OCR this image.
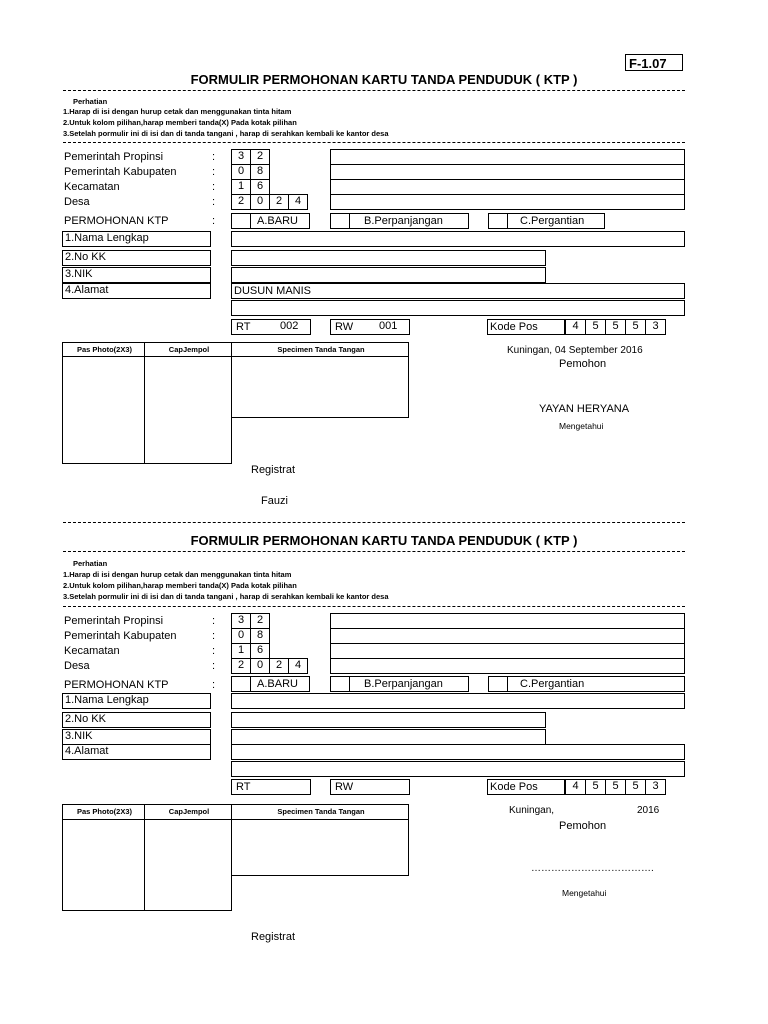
F-1.07
FORMULIR PERMOHONAN KARTU TANDA PENDUDUK ( KTP )
Perhatian
1.Harap di isi dengan hurup cetak dan menggunakan tinta hitam
2.Untuk kolom pilihan,harap memberi tanda(X) Pada kotak pilihan
3.Setelah pormulir ini di isi dan di tanda tangani , harap di serahkan kembali ke kantor desa
Pemerintah Propinsi	:	3	2
Pemerintah Kabupaten	:	0	8
Kecamatan	:	1	6
Desa	:	2	0	2	4
PERMOHONAN KTP	:	A.BARU	B.Perpanjangan	C.Pergantian
1.Nama Lengkap
2.No KK
3.NIK
4.Alamat	DUSUN MANIS
RT	002	RW 001	Kode Pos	4	5	5	5	3
Pas Photo(2X3)	CapJempol	Specimen Tanda Tangan	Kuningan, 04 September 2016
Pemohon
YAYAN HERYANA
Mengetahui
Registrat
Fauzi
FORMULIR PERMOHONAN KARTU TANDA PENDUDUK ( KTP )
Perhatian
1.Harap di isi dengan hurup cetak dan menggunakan tinta hitam
2.Untuk kolom pilihan,harap memberi tanda(X) Pada kotak pilihan
3.Setelah pormulir ini di isi dan di tanda tangani , harap di serahkan kembali ke kantor desa
Pemerintah Propinsi	:	3	2
Pemerintah Kabupaten	:	0	8
Kecamatan	:	1	6
Desa	:	2	0	2	4
PERMOHONAN KTP	:	A.BARU	B.Perpanjangan	C.Pergantian
1.Nama Lengkap
2.No KK
3.NIK
4.Alamat
RT	RW	Kode Pos	4	5	5	5	3
Pas Photo(2X3)	CapJempol	Specimen Tanda Tangan	Kuningan,	2016
Pemohon
……………………………….
Mengetahui
Registrat
